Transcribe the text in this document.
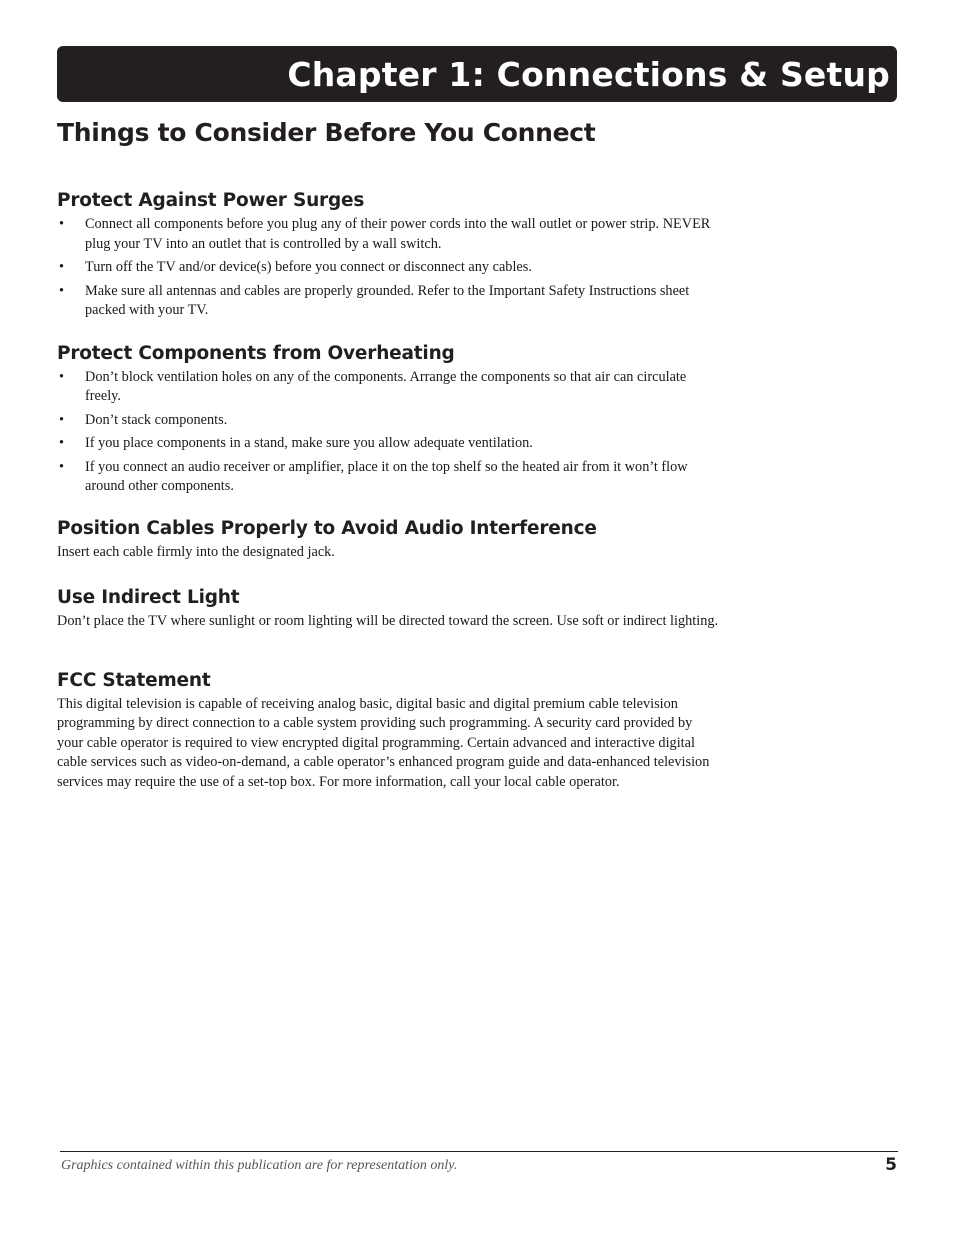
Chapter 1: Connections & Setup
Things to Consider Before You Connect
Protect Against Power Surges
• Connect all components before you plug any of their power cords into the wall outlet or power strip. NEVER plug your TV into an outlet that is controlled by a wall switch.
• Turn off the TV and/or device(s) before you connect or disconnect any cables.
• Make sure all antennas and cables are properly grounded. Refer to the Important Safety Instructions sheet packed with your TV.
Protect Components from Overheating
• Don’t block ventilation holes on any of the components. Arrange the components so that air can circulate freely.
• Don’t stack components.
• If you place components in a stand, make sure you allow adequate ventilation.
• If you connect an audio receiver or amplifier, place it on the top shelf so the heated air from it won’t flow around other components.
Position Cables Properly to Avoid Audio Interference

Insert each cable firmly into the designated jack.

Use Indirect Light

Don’t place the TV where sunlight or room lighting will be directed toward the screen. Use soft or indirect lighting.

FCC Statement

This digital television is capable of receiving analog basic, digital basic and digital premium cable television programming by direct connection to a cable system providing such programming. A security card provided by your cable operator is required to view encrypted digital programming. Certain advanced and interactive digital cable services such as video-on-demand, a cable operator’s enhanced program guide and data-enhanced television services may require the use of a set-top box. For more information, call your local cable operator.

Graphics contained within this publication are for representation only.	5
